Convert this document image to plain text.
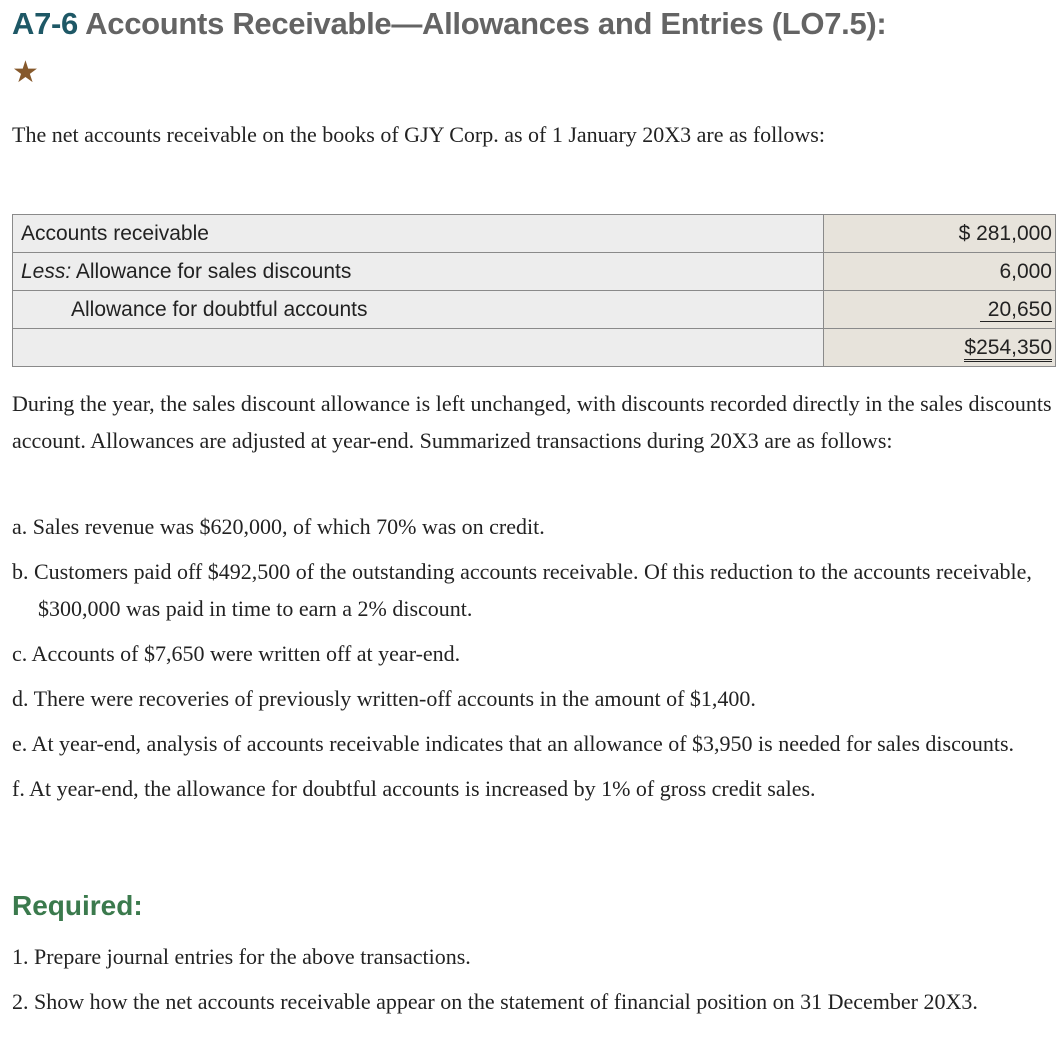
A7-6 Accounts Receivable—Allowances and Entries (LO7.5):
★
The net accounts receivable on the books of GJY Corp. as of 1 January 20X3 are as follows:
Accounts receivable	$ 281,000
Less: Allowance for sales discounts	6,000
Allowance for doubtful accounts	20,650
	$254,350
During the year, the sales discount allowance is left unchanged, with discounts recorded directly in the sales discounts account. Allowances are adjusted at year-end. Summarized transactions during 20X3 are as follows:
a. Sales revenue was $620,000, of which 70% was on credit.
b. Customers paid off $492,500 of the outstanding accounts receivable. Of this reduction to the accounts receivable, $300,000 was paid in time to earn a 2% discount.
c. Accounts of $7,650 were written off at year-end.
d. There were recoveries of previously written-off accounts in the amount of $1,400.
e. At year-end, analysis of accounts receivable indicates that an allowance of $3,950 is needed for sales discounts.
f. At year-end, the allowance for doubtful accounts is increased by 1% of gross credit sales.
Required:
1. Prepare journal entries for the above transactions.
2. Show how the net accounts receivable appear on the statement of financial position on 31 December 20X3.
